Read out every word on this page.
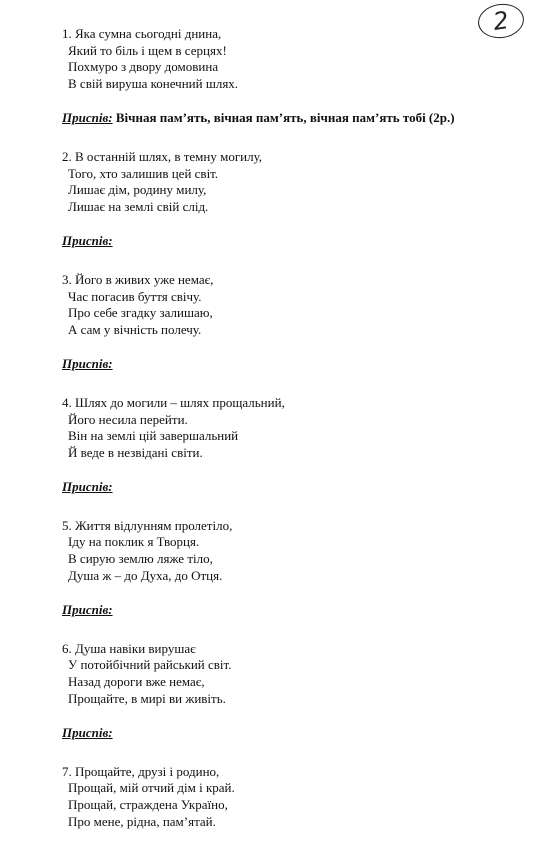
2
1. Яка сумна сьогодні днина,
Який то біль і щем в серцях!
Похмуро з двору домовина
В свій вируша конечний шлях.
Приспів: Вічная пам’ять, вічная пам’ять, вічная пам’ять тобі (2р.)
2. В останній шлях, в темну могилу,
Того, хто залишив цей світ.
Лишає дім, родину милу,
Лишає на землі свій слід.
Приспів:
3. Його в живих уже немає,
Час погасив буття свічу.
Про себе згадку залишаю,
А сам у вічність полечу.
Приспів:
4. Шлях до могили – шлях прощальний,
Його несила перейти.
Він на землі цій завершальний
Й веде в незвідані світи.
Приспів:
5. Життя відлунням пролетіло,
Іду на поклик я Творця.
В сирую землю ляже тіло,
Душа ж – до Духа, до Отця.
Приспів:
6. Душа навіки вирушає
У потойбічний райський світ.
Назад дороги вже немає,
Прощайте, в мирі ви живіть.
Приспів:
7. Прощайте, друзі і родино,
Прощай, мій отчий дім і край.
Прощай, страждена Україно,
Про мене, рідна, пам’ятай.
